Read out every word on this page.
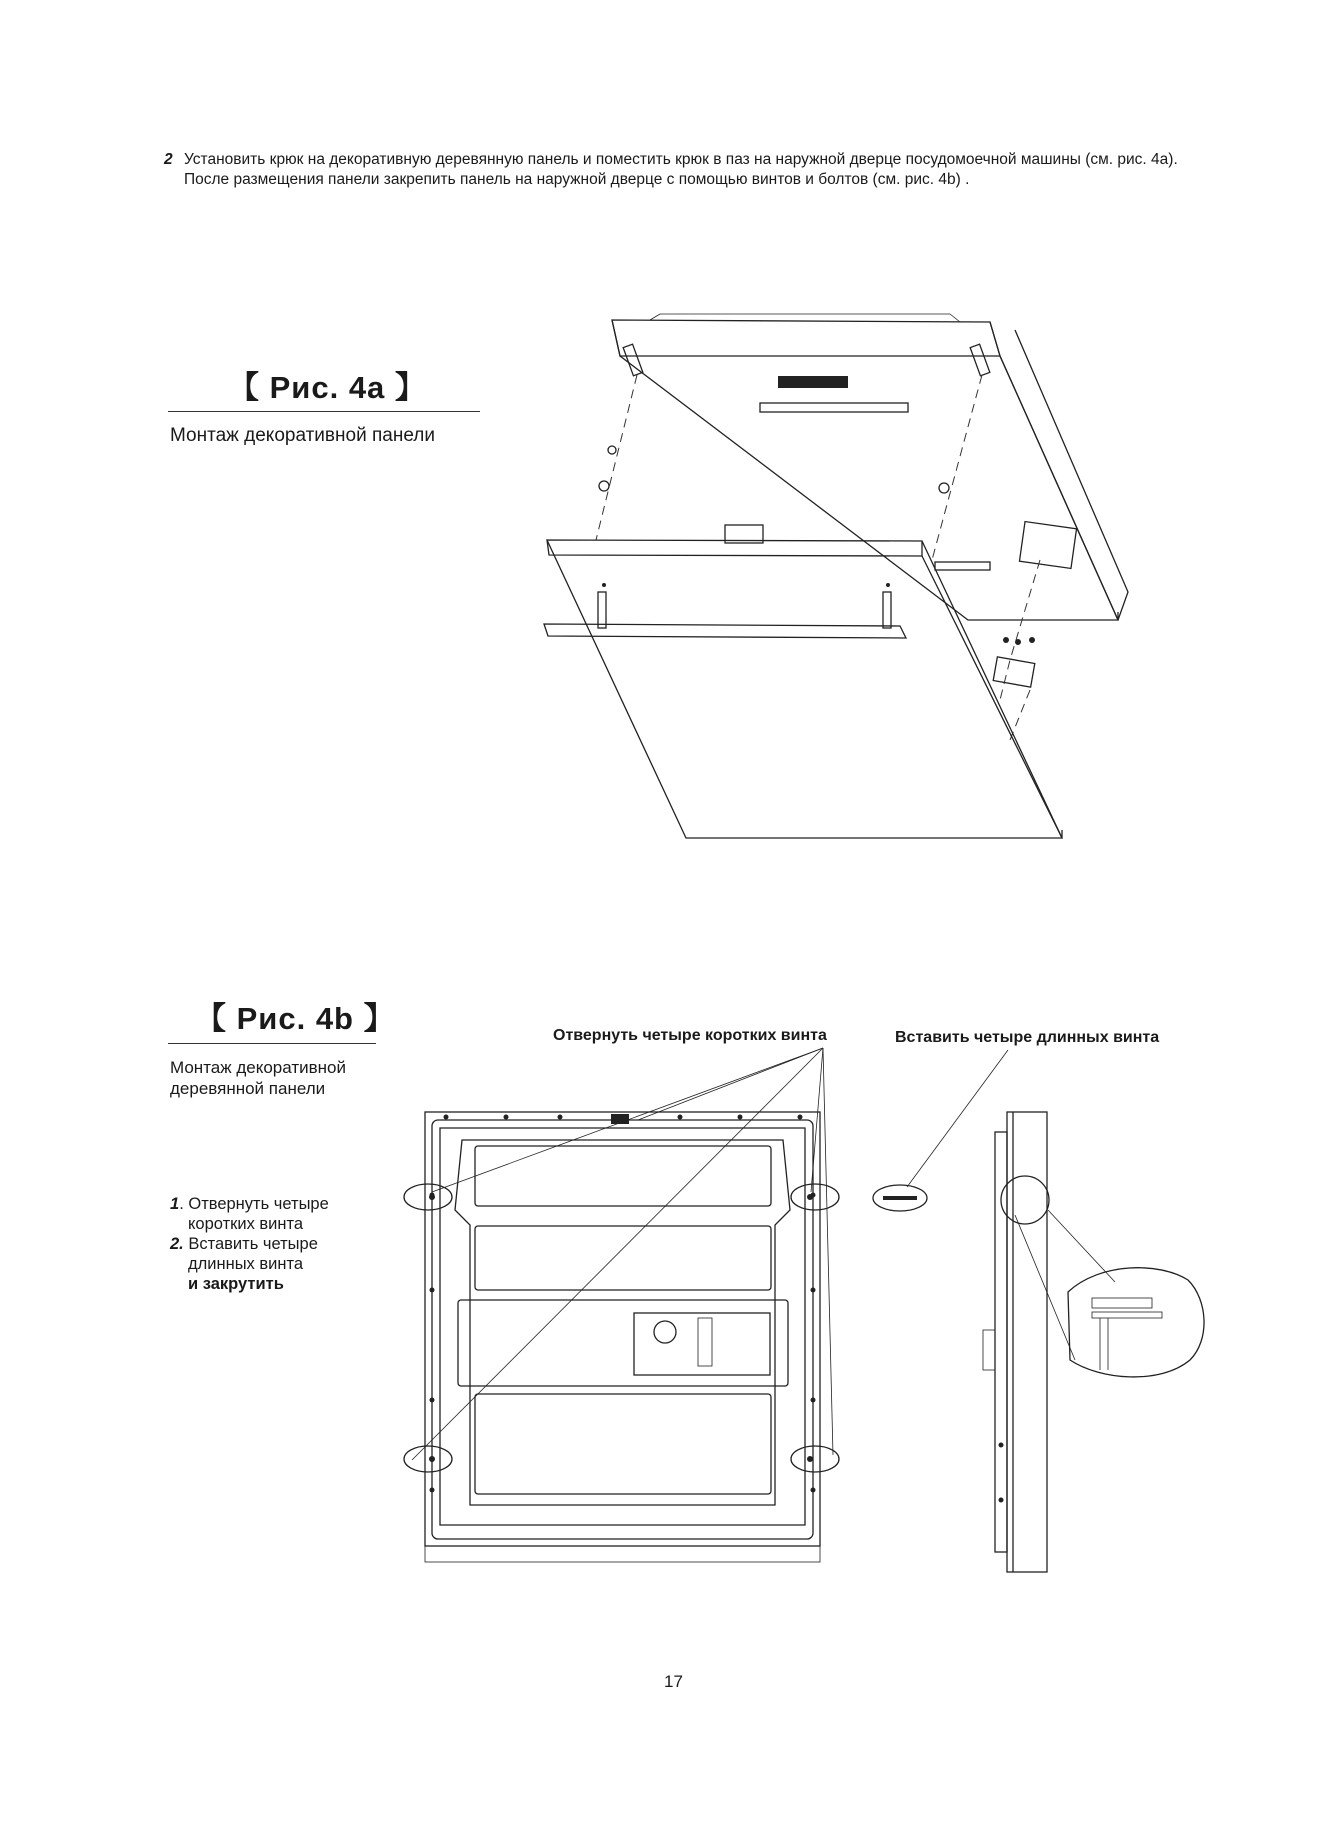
2 Установить крюк на декоративную деревянную панель и поместить крюк в паз на наружной дверце посудомоечной машины (см. рис. 4а). После размещения панели закрепить панель на наружной дверце с помощью винтов и болтов (см. рис. 4b) .
【 Рис. 4а 】
Монтаж декоративной панели
【 Рис. 4b 】
Монтаж декоративной
деревянной панели
Отвернуть четыре коротких винта	Вставить четыре длинных винта
1. Отвернуть четыре
коротких винта
2. Вставить четыре
длинных винта
и закрутить
17
